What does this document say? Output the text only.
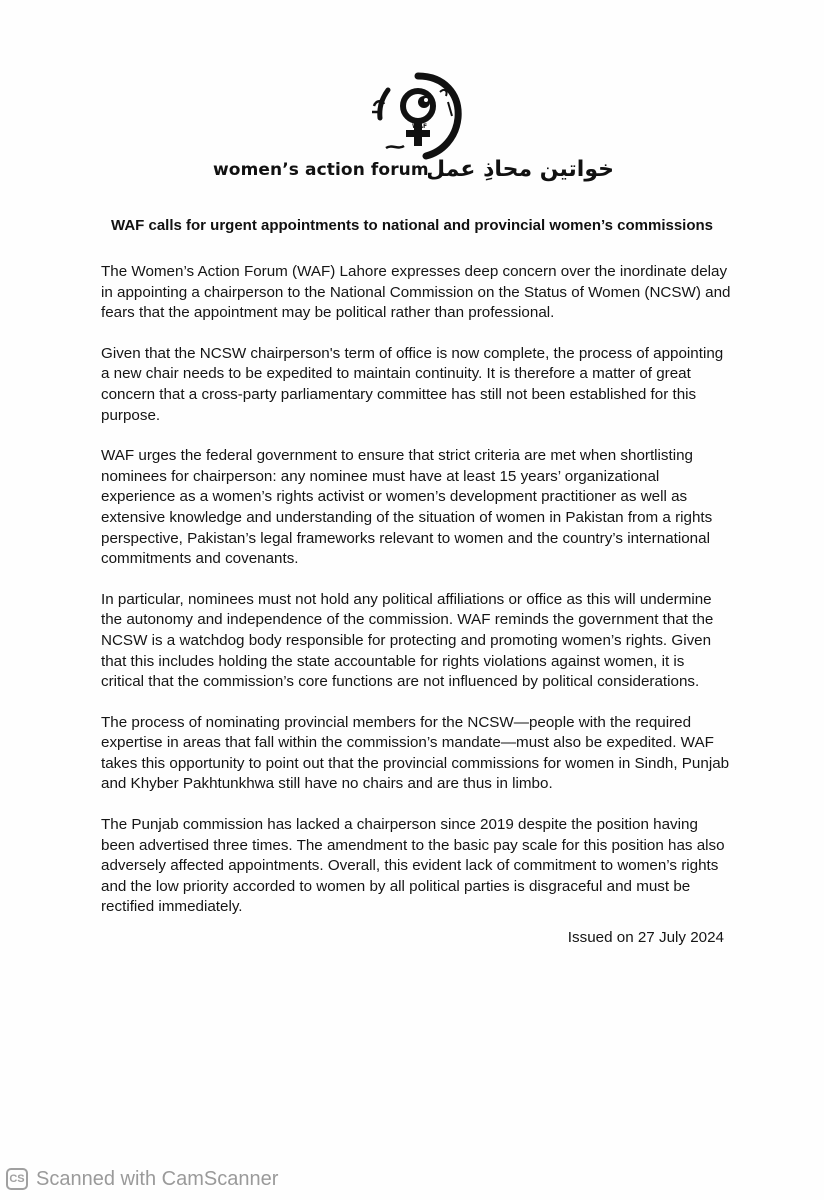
WAF
women’s action forum
خواتین محاذِ عمل
WAF calls for urgent appointments to national and provincial women’s commissions

The Women’s Action Forum (WAF) Lahore expresses deep concern over the inordinate delay in appointing a chairperson to the National Commission on the Status of Women (NCSW) and fears that the appointment may be political rather than professional.

Given that the NCSW chairperson's term of office is now complete, the process of appointing a new chair needs to be expedited to maintain continuity. It is therefore a matter of great concern that a cross-party parliamentary committee has still not been established for this purpose.

WAF urges the federal government to ensure that strict criteria are met when shortlisting nominees for chairperson: any nominee must have at least 15 years’ organizational experience as a women’s rights activist or women’s development practitioner as well as extensive knowledge and understanding of the situation of women in Pakistan from a rights perspective, Pakistan’s legal frameworks relevant to women and the country’s international commitments and covenants.

In particular, nominees must not hold any political affiliations or office as this will undermine the autonomy and independence of the commission. WAF reminds the government that the NCSW is a watchdog body responsible for protecting and promoting women’s rights. Given that this includes holding the state accountable for rights violations against women, it is critical that the commission’s core functions are not influenced by political considerations.

The process of nominating provincial members for the NCSW—people with the required expertise in areas that fall within the commission’s mandate—must also be expedited. WAF takes this opportunity to point out that the provincial commissions for women in Sindh, Punjab and Khyber Pakhtunkhwa still have no chairs and are thus in limbo.

The Punjab commission has lacked a chairperson since 2019 despite the position having been advertised three times. The amendment to the basic pay scale for this position has also adversely affected appointments. Overall, this evident lack of commitment to women’s rights and the low priority accorded to women by all political parties is disgraceful and must be rectified immediately.

Issued on 27 July 2024
CS Scanned with CamScanner
